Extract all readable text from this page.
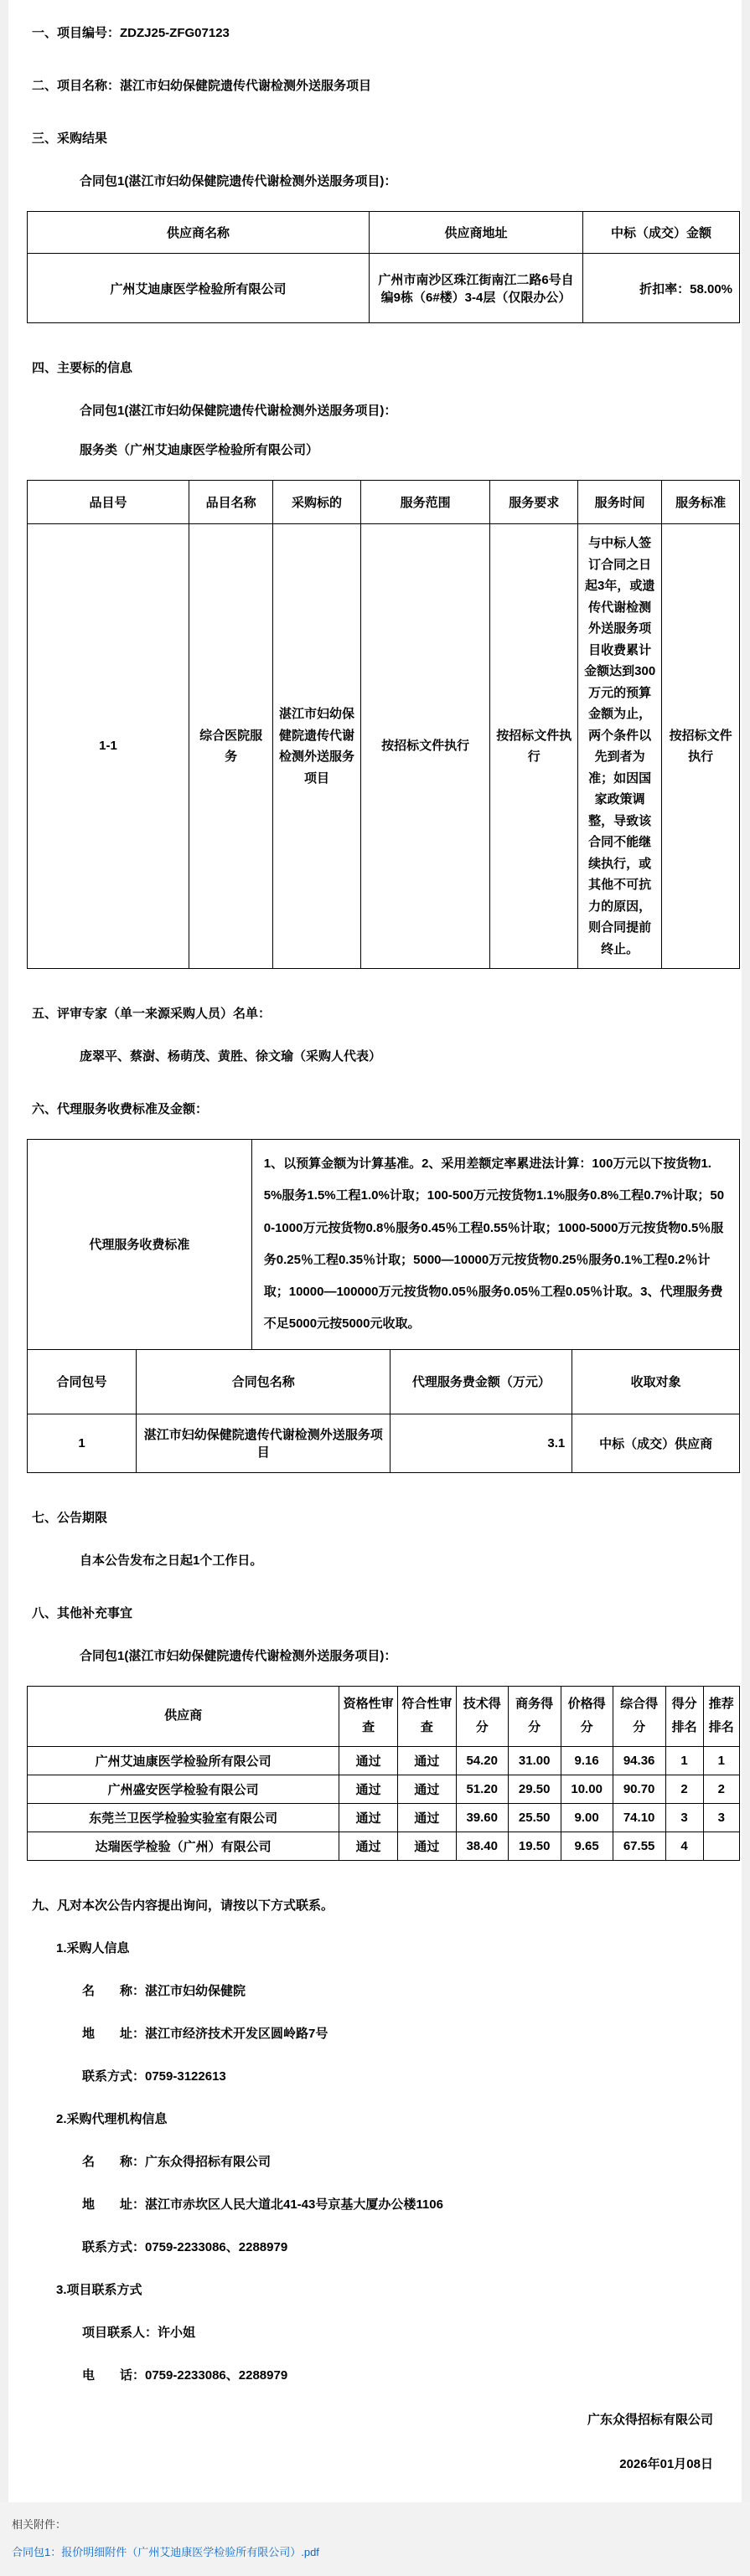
一、项目编号：ZDZJ25-ZFG07123
二、项目名称：湛江市妇幼保健院遗传代谢检测外送服务项目
三、采购结果
合同包1(湛江市妇幼保健院遗传代谢检测外送服务项目)：
供应商名称	供应商地址	中标（成交）金额
广州艾迪康医学检验所有限公司	广州市南沙区珠江街南江二路6号自编9栋（6#楼）3-4层（仅限办公）	折扣率：58.00%
四、主要标的信息
合同包1(湛江市妇幼保健院遗传代谢检测外送服务项目)：
服务类（广州艾迪康医学检验所有限公司）
品目号	品目名称	采购标的	服务范围	服务要求	服务时间	服务标准
1-1	综合医院服务	湛江市妇幼保健院遗传代谢检测外送服务项目	按招标文件执行	按招标文件执行	与中标人签订合同之日起3年，或遗传代谢检测外送服务项目收费累计金额达到300万元的预算金额为止，两个条件以先到者为准；如因国家政策调整，导致该合同不能继续执行，或其他不可抗力的原因，则合同提前终止。	按招标文件执行
五、评审专家（单一来源采购人员）名单：
庞翠平、蔡澍、杨萌茂、黄胜、徐文瑜（采购人代表）
六、代理服务收费标准及金额：
代理服务收费标准	1、以预算金额为计算基准。2、采用差额定率累进法计算：100万元以下按货物1.5%服务1.5%工程1.0%计取；100-500万元按货物1.1%服务0.8%工程0.7%计取；500-1000万元按货物0.8％服务0.45％工程0.55％计取；1000-5000万元按货物0.5％服务0.25％工程0.35％计取；5000—10000万元按货物0.25％服务0.1%工程0.2％计取；10000—100000万元按货物0.05％服务0.05％工程0.05％计取。3、代理服务费不足5000元按5000元收取。
合同包号	合同包名称	代理服务费金额（万元）	收取对象
1	湛江市妇幼保健院遗传代谢检测外送服务项目	3.1	中标（成交）供应商
七、公告期限
自本公告发布之日起1个工作日。
八、其他补充事宜
合同包1(湛江市妇幼保健院遗传代谢检测外送服务项目)：
供应商	资格性审查	符合性审查	技术得分	商务得分	价格得分	综合得分	得分排名	推荐排名
广州艾迪康医学检验所有限公司	通过	通过	54.20	31.00	9.16	94.36	1	1
广州盛安医学检验有限公司	通过	通过	51.20	29.50	10.00	90.70	2	2
东莞兰卫医学检验实验室有限公司	通过	通过	39.60	25.50	9.00	74.10	3	3
达瑞医学检验（广州）有限公司	通过	通过	38.40	19.50	9.65	67.55	4	
九、凡对本次公告内容提出询问，请按以下方式联系。
1.采购人信息
名　　称：湛江市妇幼保健院
地　　址：湛江市经济技术开发区圆岭路7号
联系方式：0759-3122613
2.采购代理机构信息
名　　称：广东众得招标有限公司
地　　址：湛江市赤坎区人民大道北41-43号京基大厦办公楼1106
联系方式：0759-2233086、2288979
3.项目联系方式
项目联系人：许小姐
电　　话：0759-2233086、2288979
广东众得招标有限公司
2026年01月08日
相关附件：
合同包1：报价明细附件（广州艾迪康医学检验所有限公司）.pdf
